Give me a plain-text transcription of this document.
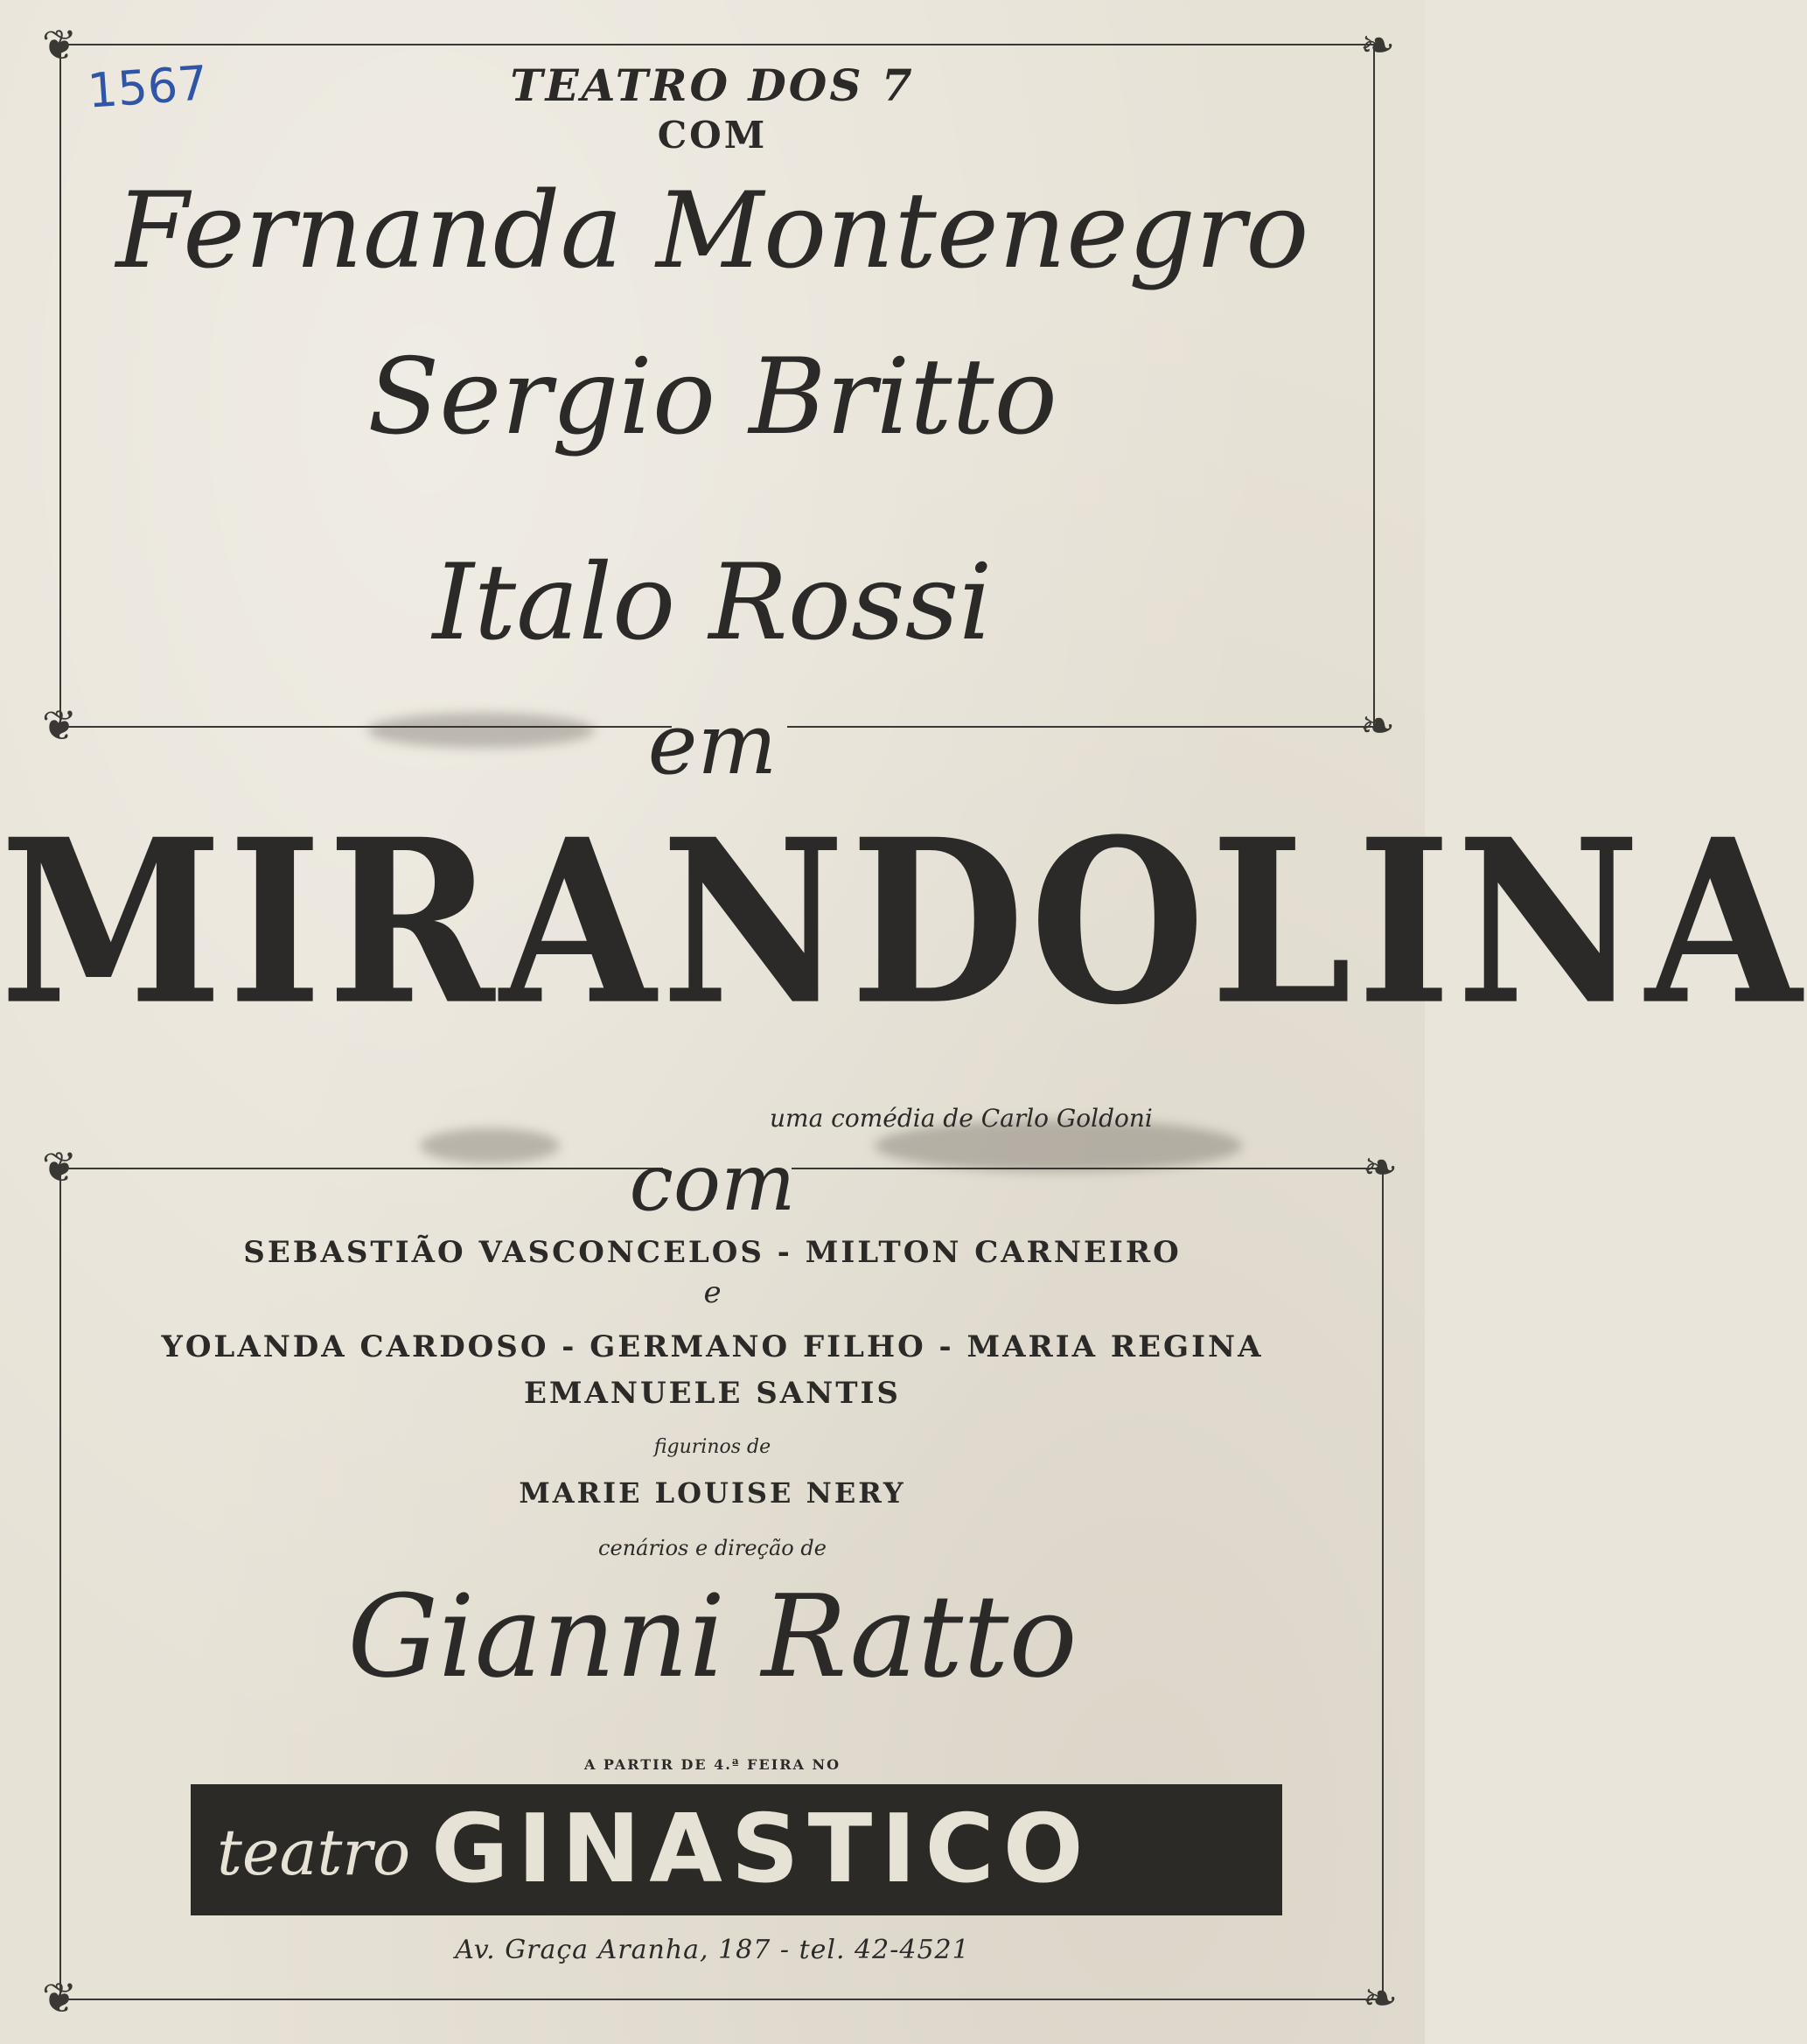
❦	❧
❦	❧
❦	❧
❦	❧
1567	TEATRO DOS 7
COM
Fernanda Montenegro
Sergio Britto
Italo Rossi
em
MIRANDOLINA
uma comédia de Carlo Goldoni
com
SEBASTIÃO VASCONCELOS - MILTON CARNEIRO
e
YOLANDA CARDOSO - GERMANO FILHO - MARIA REGINA
EMANUELE SANTIS
figurinos de
MARIE LOUISE NERY
cenários e direção de
Gianni Ratto
A PARTIR DE 4.ª FEIRA NO
teatro GINASTICO
Av. Graça Aranha, 187 - tel. 42-4521
